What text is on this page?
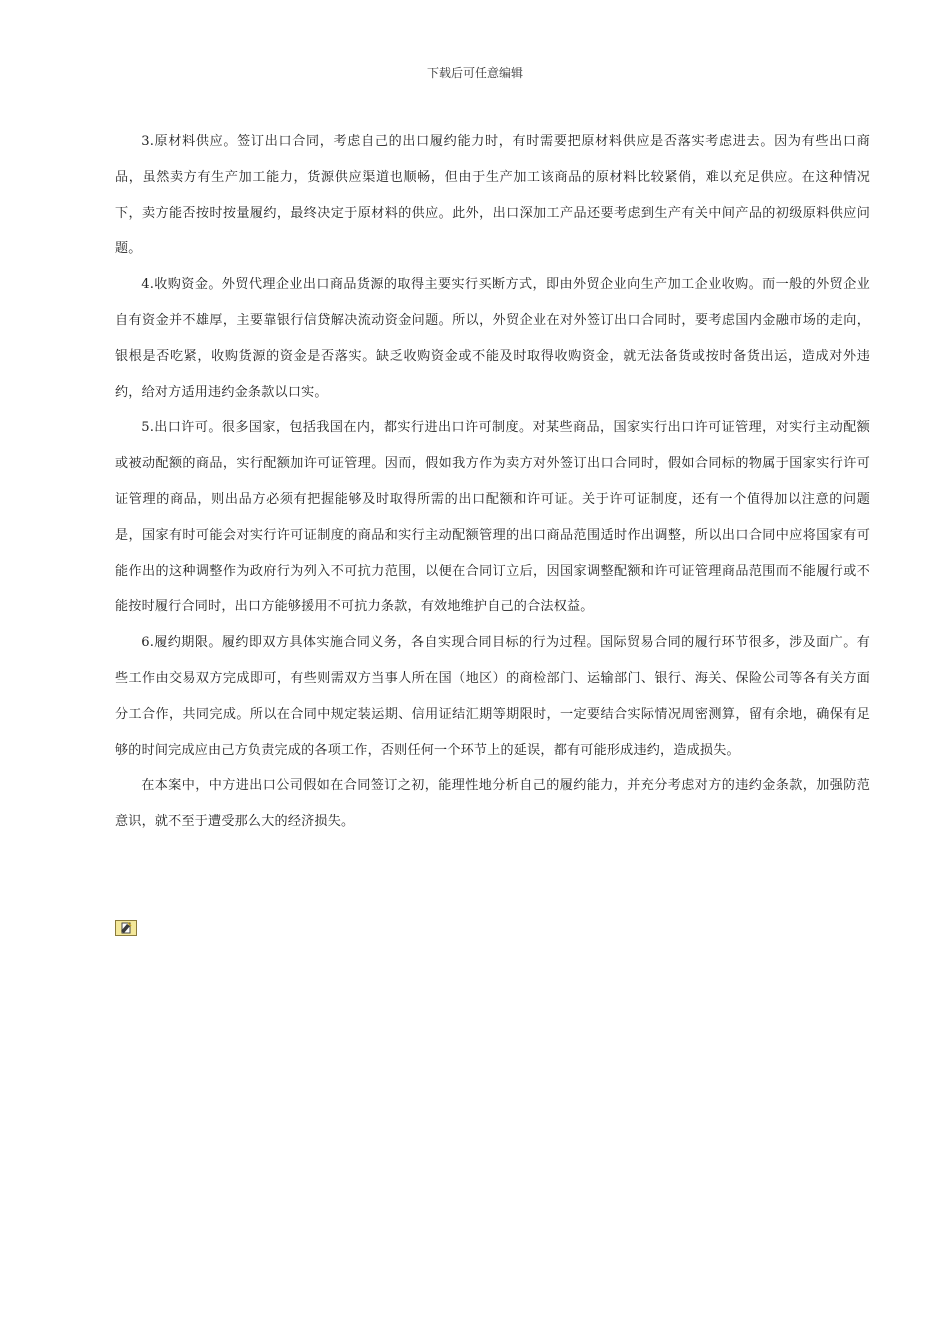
下载后可任意编辑

3.原材料供应。签订出口合同，考虑自己的出口履约能力时，有时需要把原材料供应是否落实考虑进去。因为有些出口商品，虽然卖方有生产加工能力，货源供应渠道也顺畅，但由于生产加工该商品的原材料比较紧俏，难以充足供应。在这种情况下，卖方能否按时按量履约，最终决定于原材料的供应。此外，出口深加工产品还要考虑到生产有关中间产品的初级原料供应问题。

4.收购资金。外贸代理企业出口商品货源的取得主要实行买断方式，即由外贸企业向生产加工企业收购。而一般的外贸企业自有资金并不雄厚，主要靠银行信贷解决流动资金问题。所以，外贸企业在对外签订出口合同时，要考虑国内金融市场的走向，银根是否吃紧，收购货源的资金是否落实。缺乏收购资金或不能及时取得收购资金，就无法备货或按时备货出运，造成对外违约，给对方适用违约金条款以口实。

5.出口许可。很多国家，包括我国在内，都实行进出口许可制度。对某些商品，国家实行出口许可证管理，对实行主动配额或被动配额的商品，实行配额加许可证管理。因而，假如我方作为卖方对外签订出口合同时，假如合同标的物属于国家实行许可证管理的商品，则出品方必须有把握能够及时取得所需的出口配额和许可证。关于许可证制度，还有一个值得加以注意的问题是，国家有时可能会对实行许可证制度的商品和实行主动配额管理的出口商品范围适时作出调整，所以出口合同中应将国家有可能作出的这种调整作为政府行为列入不可抗力范围，以便在合同订立后，因国家调整配额和许可证管理商品范围而不能履行或不能按时履行合同时，出口方能够援用不可抗力条款，有效地维护自己的合法权益。

6.履约期限。履约即双方具体实施合同义务，各自实现合同目标的行为过程。国际贸易合同的履行环节很多，涉及面广。有些工作由交易双方完成即可，有些则需双方当事人所在国（地区）的商检部门、运输部门、银行、海关、保险公司等各有关方面分工合作，共同完成。所以在合同中规定装运期、信用证结汇期等期限时，一定要结合实际情况周密测算，留有余地，确保有足够的时间完成应由己方负责完成的各项工作，否则任何一个环节上的延误，都有可能形成违约，造成损失。

在本案中，中方进出口公司假如在合同签订之初，能理性地分析自己的履约能力，并充分考虑对方的违约金条款，加强防范意识，就不至于遭受那么大的经济损失。
